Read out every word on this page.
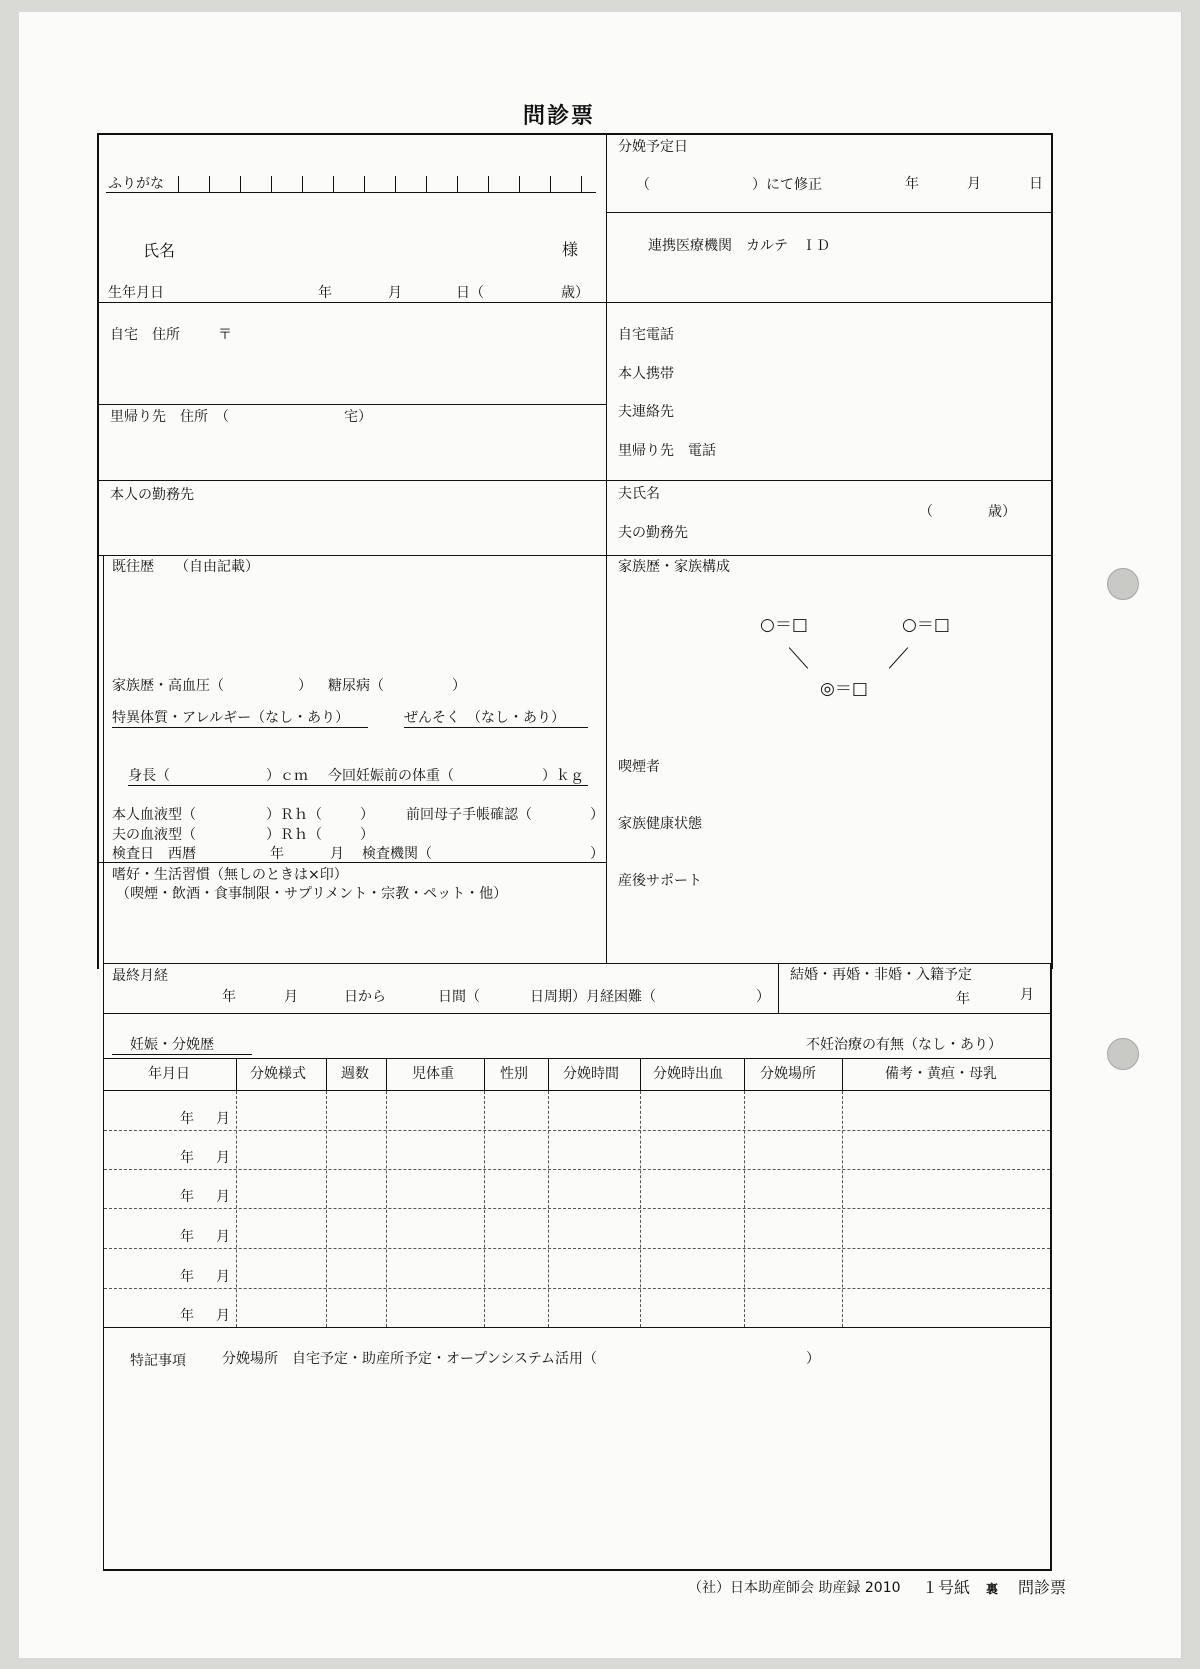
問診票
ふりがな
分娩予定日
（	）にて修正	年	月	日
氏名	様	連携医療機関　カルテ　ＩＤ
生年月日	年	月	日（	歳）
自宅　住所	〒
里帰り先　住所　（	宅）
自宅電話
本人携帯
夫連絡先
里帰り先　電話
本人の勤務先	夫氏名
（	歳）
夫の勤務先
既往歴　　（自由記載）
家族歴・高血圧（	） 糖尿病（	）
特異体質・アレルギー（なし・あり）	ぜんそく　（なし・あり）
身長（	）ｃｍ 今回妊娠前の体重（	）ｋｇ
本人血液型（	）Ｒｈ（	） 前回母子手帳確認（	）
夫の血液型（	）Ｒｈ（	）
検査日　西暦	年	月 検査機関（	）
嗜好・生活習慣（無しのときは×印）
（喫煙・飲酒・食事制限・サプリメント・宗教・ペット・他）
家族歴・家族構成
○＝□	○＝□
◎＝□
喫煙者
家族健康状態
産後サポート
最終月経
年	月	日から	日間（	日周期）月経困難（	）
結婚・再婚・非婚・入籍予定
年	月
妊娠・分娩歴	不妊治療の有無（なし・あり）
年月日	分娩様式	週数	児体重	性別	分娩時間 分娩時出血	分娩場所	備考・黄疸・母乳
年 月
年 月
年 月
年 月
年 月
年 月
特記事項	分娩場所　自宅予定・助産所予定・オープンシステム活用（	）
（社）日本助産師会 助産録 2010 １号紙 裏 問診票
